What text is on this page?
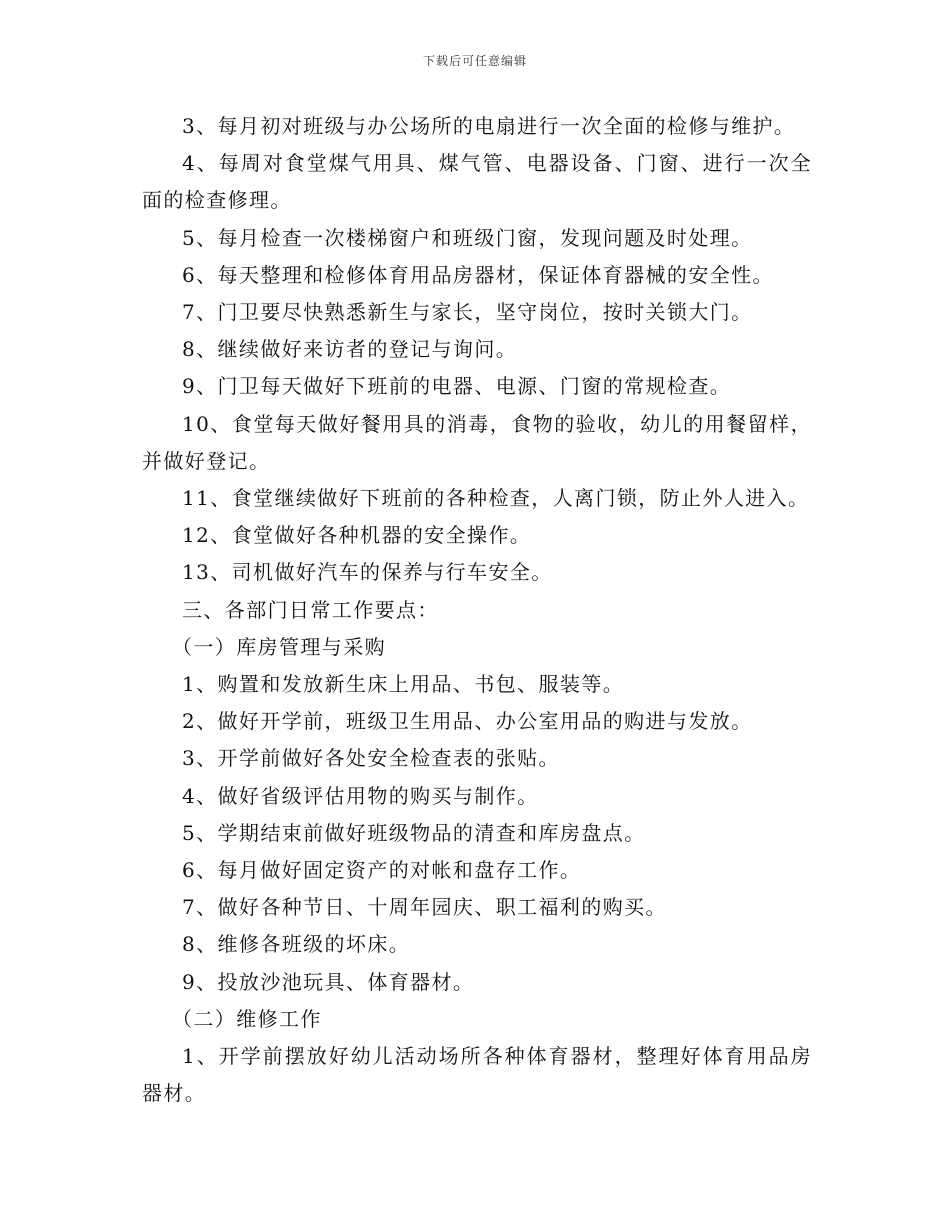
下载后可任意编辑

3、每月初对班级与办公场所的电扇进行一次全面的检修与维护。

4、每周对食堂煤气用具、煤气管、电器设备、门窗、进行一次全面的检查修理。

5、每月检查一次楼梯窗户和班级门窗，发现问题及时处理。

6、每天整理和检修体育用品房器材，保证体育器械的安全性。

7、门卫要尽快熟悉新生与家长，坚守岗位，按时关锁大门。

8、继续做好来访者的登记与询问。

9、门卫每天做好下班前的电器、电源、门窗的常规检查。

10、食堂每天做好餐用具的消毒，食物的验收，幼儿的用餐留样，并做好登记。

11、食堂继续做好下班前的各种检查，人离门锁，防止外人进入。

12、食堂做好各种机器的安全操作。

13、司机做好汽车的保养与行车安全。

三、各部门日常工作要点：

（一）库房管理与采购

1、购置和发放新生床上用品、书包、服装等。

2、做好开学前，班级卫生用品、办公室用品的购进与发放。

3、开学前做好各处安全检查表的张贴。

4、做好省级评估用物的购买与制作。

5、学期结束前做好班级物品的清查和库房盘点。

6、每月做好固定资产的对帐和盘存工作。

7、做好各种节日、十周年园庆、职工福利的购买。

8、维修各班级的坏床。

9、投放沙池玩具、体育器材。

（二）维修工作

1、开学前摆放好幼儿活动场所各种体育器材，整理好体育用品房器材。
